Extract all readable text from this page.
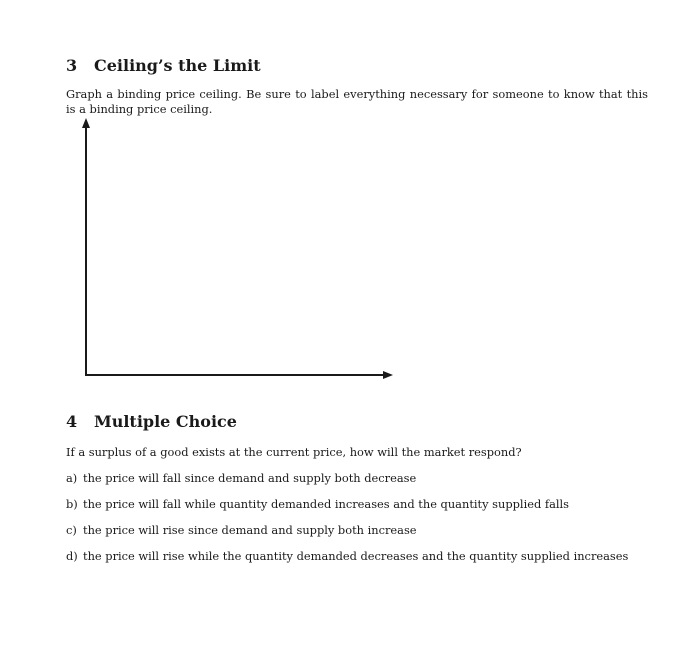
3 Ceiling’s the Limit
Graph a binding price ceiling. Be sure to label everything necessary for someone to know that this is a binding price ceiling.
4 Multiple Choice
If a surplus of a good exists at the current price, how will the market respond?
a) the price will fall since demand and supply both decrease
b) the price will fall while quantity demanded increases and the quantity supplied falls
c) the price will rise since demand and supply both increase
d) the price will rise while the quantity demanded decreases and the quantity supplied increases
